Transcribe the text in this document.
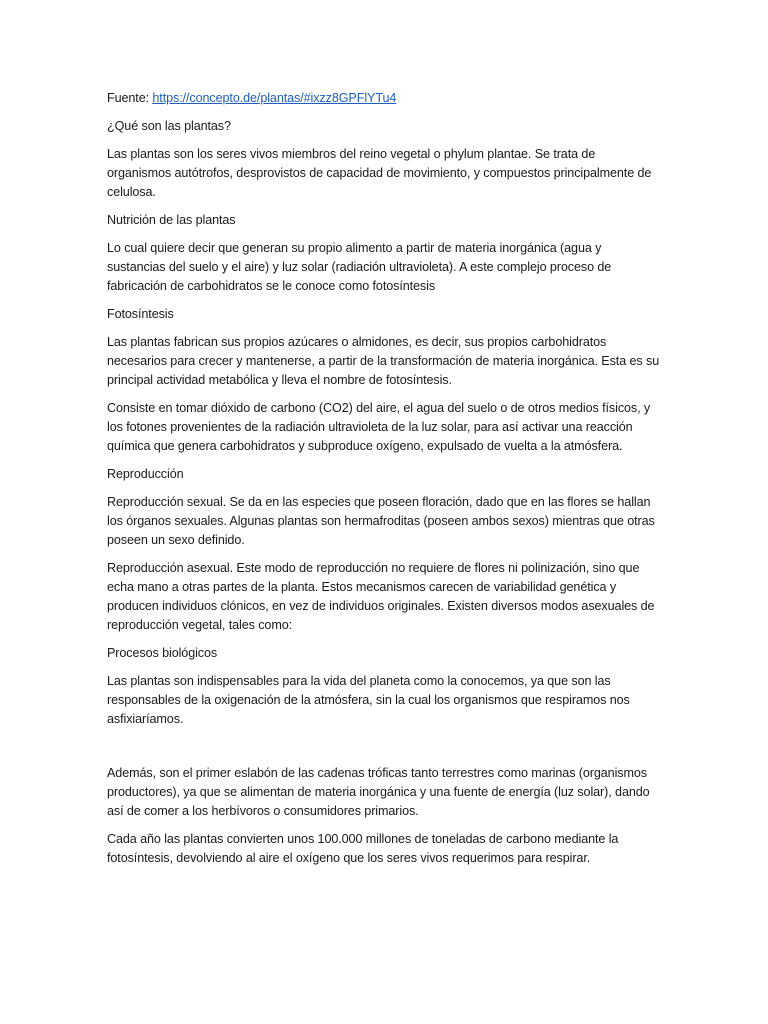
Fuente: https://concepto.de/plantas/#ixzz8GPFlYTu4

¿Qué son las plantas?

Las plantas son los seres vivos miembros del reino vegetal o phylum plantae. Se trata de organismos autótrofos, desprovistos de capacidad de movimiento, y compuestos principalmente de celulosa.

Nutrición de las plantas

Lo cual quiere decir que generan su propio alimento a partir de materia inorgánica (agua y sustancias del suelo y el aire) y luz solar (radiación ultravioleta). A este complejo proceso de fabricación de carbohidratos se le conoce como fotosíntesis

Fotosíntesis

Las plantas fabrican sus propios azúcares o almidones, es decir, sus propios carbohidratos necesarios para crecer y mantenerse, a partir de la transformación de materia inorgánica. Esta es su principal actividad metabólica y lleva el nombre de fotosíntesis.

Consiste en tomar dióxido de carbono (CO2) del aire, el agua del suelo o de otros medios físicos, y los fotones provenientes de la radiación ultravioleta de la luz solar, para así activar una reacción química que genera carbohidratos y subproduce oxígeno, expulsado de vuelta a la atmósfera.

Reproducción

Reproducción sexual. Se da en las especies que poseen floración, dado que en las flores se hallan los órganos sexuales. Algunas plantas son hermafroditas (poseen ambos sexos) mientras que otras poseen un sexo definido.

Reproducción asexual. Este modo de reproducción no requiere de flores ni polinización, sino que echa mano a otras partes de la planta. Estos mecanismos carecen de variabilidad genética y producen individuos clónicos, en vez de individuos originales. Existen diversos modos asexuales de reproducción vegetal, tales como:

Procesos biológicos

Las plantas son indispensables para la vida del planeta como la conocemos, ya que son las responsables de la oxigenación de la atmósfera, sin la cual los organismos que respiramos nos asfixiaríamos.

Además, son el primer eslabón de las cadenas tróficas tanto terrestres como marinas (organismos productores), ya que se alimentan de materia inorgánica y una fuente de energía (luz solar), dando así de comer a los herbívoros o consumidores primarios.

Cada año las plantas convierten unos 100.000 millones de toneladas de carbono mediante la fotosíntesis, devolviendo al aire el oxígeno que los seres vivos requerimos para respirar.
